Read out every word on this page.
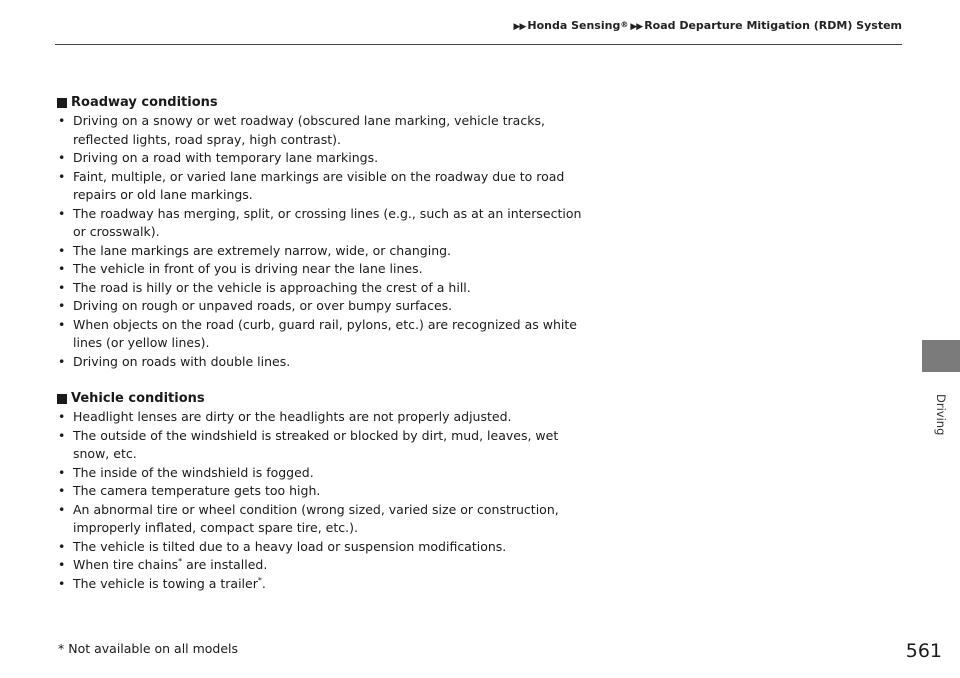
▶▶ Honda Sensing® ▶▶ Road Departure Mitigation (RDM) System
Roadway conditions
• Driving on a snowy or wet roadway (obscured lane marking, vehicle tracks,
reflected lights, road spray, high contrast).
• Driving on a road with temporary lane markings.
• Faint, multiple, or varied lane markings are visible on the roadway due to road
repairs or old lane markings.
• The roadway has merging, split, or crossing lines (e.g., such as at an intersection
or crosswalk).
• The lane markings are extremely narrow, wide, or changing.
• The vehicle in front of you is driving near the lane lines.
• The road is hilly or the vehicle is approaching the crest of a hill.
• Driving on rough or unpaved roads, or over bumpy surfaces.
• When objects on the road (curb, guard rail, pylons, etc.) are recognized as white
lines (or yellow lines).
• Driving on roads with double lines.
Vehicle conditions
• Headlight lenses are dirty or the headlights are not properly adjusted.
• The outside of the windshield is streaked or blocked by dirt, mud, leaves, wet
snow, etc.
• The inside of the windshield is fogged.
• The camera temperature gets too high.
• An abnormal tire or wheel condition (wrong sized, varied size or construction,
improperly inflated, compact spare tire, etc.).
• The vehicle is tilted due to a heavy load or suspension modifications.
• When tire chains* are installed.
• The vehicle is towing a trailer*.
* Not available on all models	561
Driving
